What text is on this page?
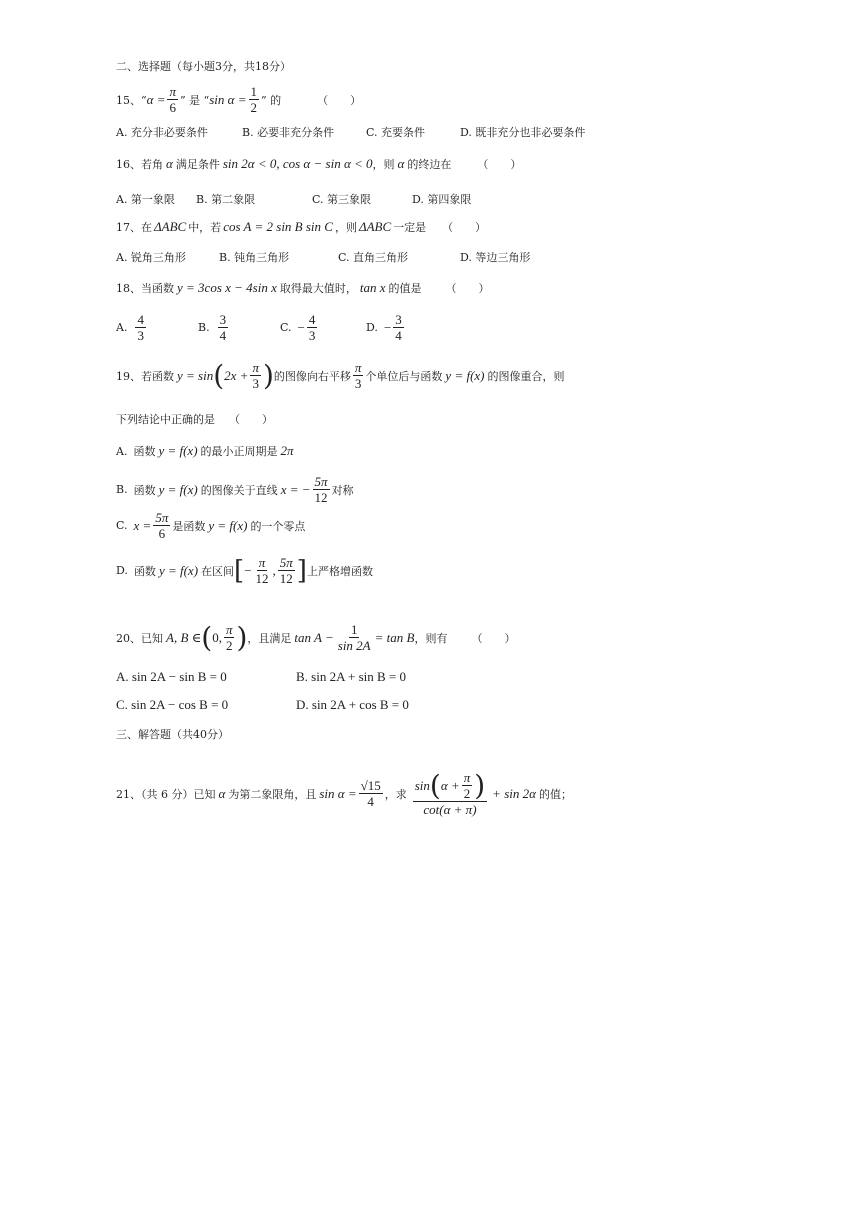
二、选择题（每小题3分，共18分）
15、“ $\alpha = \frac{\pi}{6}$ ” 是 “ $\sin \alpha = \frac{1}{2}$ ” 的	（　　）
A. 充分非必要条件	B. 必要非充分条件	C. 充要条件	D. 既非充分也非必要条件
16、若角 α 满足条件 sin 2α < 0, cos α − sin α < 0 ，则 α 的终边在 （　　）
A. 第一象限 B. 第二象限	C. 第三象限	D. 第四象限
17、在 ΔABC 中，若 cos A = 2 sin B sin C ，则 ΔABC 一定是 （　　）
A. 锐角三角形	B. 钝角三角形	C. 直角三角形	D. 等边三角形
18、当函数 y = 3cos x − 4sin x 取得最大值时， tan x 的值是 （　　）
A. $\frac{4}{3}$	B. $\frac{3}{4}$	C. − $\frac{4}{3}$	D. − $\frac{3}{4}$
19、若函数 y = sin ( $2x + \frac{\pi}{3}$ ) 的图像向右平移 $\frac{\pi}{3}$ 个单位后与函数 y = f(x) 的图像重合，则
下列结论中正确的是 （　　）
A. 函数 y = f(x) 的最小正周期是 2π
B. 函数 y = f(x) 的图像关于直线 x = − $\frac{5\pi}{12}$ 对称
C. $x = \frac{5\pi}{6}$ 是函数 y = f(x) 的一个零点
D. 函数 y = f(x) 在区间 [ − $\frac{\pi}{12}$ , $\frac{5\pi}{12}$ ] 上严格增函数
20、已知 A, B ∈ ( 0, $\frac{\pi}{2}$ ) ，且满足 $\tan A - \frac{1}{\sin 2A} = \tan B$ ，则有 （　　）
A. sin 2A − sin B = 0	B. sin 2A + sin B = 0
C. sin 2A − cos B = 0	D. sin 2A + cos B = 0
三、解答题（共40分）
21、（共 6 分）已知 α 为第二象限角，且 $\sin \alpha = \frac{√15}{4}$ ，求 $\frac{\sin ( \alpha + \frac{\pi}{2} )}{\cot(\alpha + \pi)} + \sin 2\alpha$ 的值；
